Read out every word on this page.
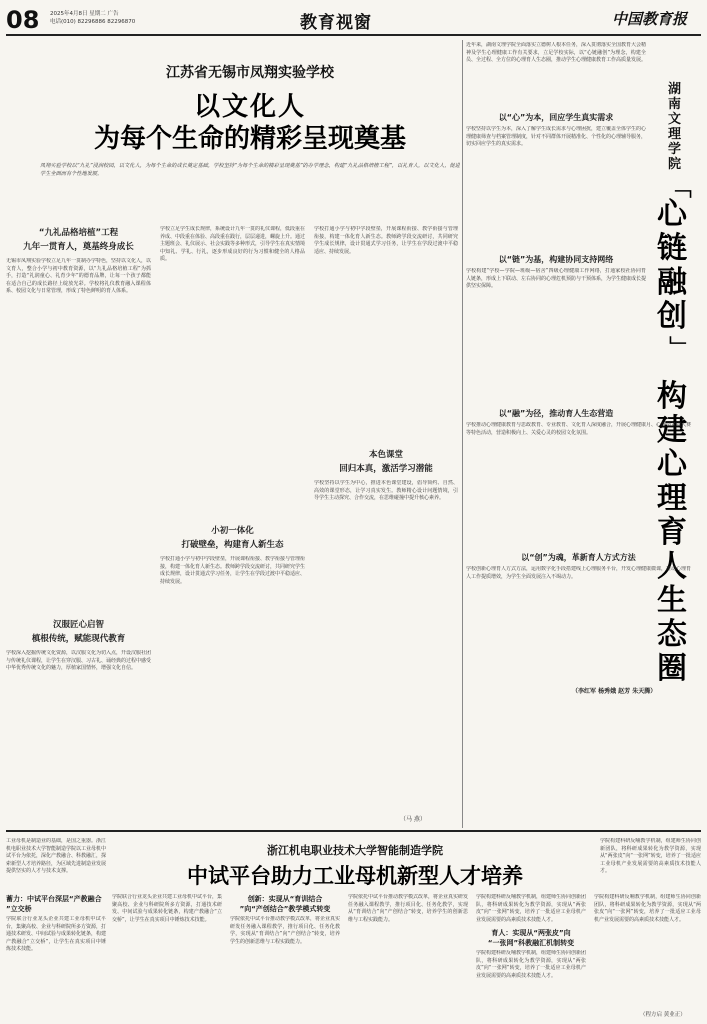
08 2025年4月8日 星期二 广告
电话(010) 82296886 82296870	教育视窗	中国教育报
江苏省无锡市凤翔实验学校
以文化人
为每个生命的精彩呈现奠基
凤翔实验学校以“九礼”浸润校园，以文化人，为每个生命的成长奠定基础，学校坚持“为每个生命的精彩呈现奠基”的办学理念，构建“九礼品格培植工程”，以礼育人，以文化人，促进学生全面而有个性地发展。
“九礼品格培植”工程
九年一贯育人，奠基终身成长
无锡市凤翔实验学校立足九年一贯制办学特色，坚持以文化人，以文育人，整合小学与初中教育资源，以“九礼品格培植工程”为抓手，打造“礼润童心、礼育少年”的德育品牌，让每一个孩子都能在适合自己的成长路径上绽放光彩。学校将礼仪教育融入课程体系、校园文化与日常管理，形成了特色鲜明的育人体系。
汉服匠心启智
槙根传统，赋能现代教育
学校深入挖掘传统文化资源，以汉服文化为切入点，开设汉服社团与传统礼仪课程，让学生在穿汉服、习古礼、诵经典的过程中感受中华优秀传统文化的魅力，厚植家国情怀，增强文化自信。
学校立足学生成长规律，系统设计九年一贯的礼仪课程，低段重在养成、中段重在体验、高段重在践行，层层递进，螺旋上升。通过主题班会、礼仪展示、社会实践等多种形式，引导学生在真实情境中知礼、学礼、行礼，逐步形成良好的行为习惯和健全的人格品质。
小初一体化
打破壁垒，构建育人新生态
学校打通小学与初中学段壁垒，开展课程衔接、教学衔接与管理衔接，构建一体化育人新生态。教师跨学段交流研讨，共同研究学生成长规律，设计贯通式学习任务，让学生在学段过渡中平稳适应、持续发展。
学校打通小学与初中学段壁垒，开展课程衔接、教学衔接与管理衔接，构建一体化育人新生态。教师跨学段交流研讨，共同研究学生成长规律，设计贯通式学习任务，让学生在学段过渡中平稳适应、持续发展。
本色课堂
回归本真，激活学习潜能
学校坚持以学生为中心，推进本色课堂建设，倡导简约、自然、高效的课堂形态，让学习真实发生。教师精心设计问题情境，引导学生主动探究、合作交流，在思维碰撞中提升核心素养。
（马 燕）
近年来，湖南文理学院全面落实立德树人根本任务，深入贯彻落实全国教育大会精神及学生心理健康工作有关要求，立足学校实际，以“心链融创”为理念，构建全员、全过程、全方位的心理育人生态圈，推动学生心理健康教育工作高质量发展。
湖南文理学院
「
心链融创
」
构建心理育人生态圈
以“心”为本，回应学生真实需求
学校坚持以学生为本，深入了解学生成长需求与心理困扰，建立覆盖全体学生的心理健康筛查与档案管理制度，针对不同群体开展精准化、个性化的心理辅导服务，切实回应学生的真实需求。
以“链”为基，构建协同支持网络
学校构建“学校—学院—班级—宿舍”四级心理健康工作网络，打通家校社协同育人链条，形成上下联动、左右协同的心理危机预防与干预体系，为学生健康成长提供坚实保障。
以“融”为径，推动育人生态营造
学校推动心理健康教育与思政教育、专业教育、文化育人深度融合，开展心理健康月、心理情景剧大赛等特色活动，营造积极向上、关爱心灵的校园文化氛围。
以“创”为魂，革新育人方式方法
学校创新心理育人方式方法，运用数字化手段搭建线上心理服务平台，开发心理健康微课，推动心理育人工作提质增效，为学生全面发展注入不竭动力。
（李红军 杨秀娥 赵芳 朱天腾）
工业母机是制造业的基础，是国之重器。浙江机电职业技术大学智能制造学院以工业母机中试平台为依托，深化产教融合、科教融汇，探索新型人才培养路径，为区域先进制造业发展提供坚实的人才与技术支撑。
浙江机电职业技术大学智能制造学院
中试平台助力工业母机新型人才培养
学院构建科研反哺教学机制，组建师生协同创新团队，将科研成果转化为教学资源，实现从“两张皮”向“一张网”转变，培养了一批适应工业母机产业发展需要的高素质技术技能人才。
蓄力：中试平台深层“产教融合
”立交桥
学院联合行业龙头企业共建工业母机中试平台，集聚高校、企业与科研院所多方资源，打通技术研发、中间试验与成果转化链条，构建产教融合“立交桥”，让学生在真实项目中锤炼技术技能。
学院联合行业龙头企业共建工业母机中试平台，集聚高校、企业与科研院所多方资源，打通技术研发、中间试验与成果转化链条，构建产教融合“立交桥”，让学生在真实项目中锤炼技术技能。
创新：实现从“育训结合
”向“产创结合”教学模式转变
学院依托中试平台推动教学模式改革，将企业真实研发任务融入课程教学，推行项目化、任务化教学，实现从“育训结合”向“产创结合”转变，培养学生的创新思维与工程实践能力。
学院依托中试平台推动教学模式改革，将企业真实研发任务融入课程教学，推行项目化、任务化教学，实现从“育训结合”向“产创结合”转变，培养学生的创新思维与工程实践能力。
学院构建科研反哺教学机制，组建师生协同创新团队，将科研成果转化为教学资源，实现从“两张皮”向“一张网”转变，培养了一批适应工业母机产业发展需要的高素质技术技能人才。
育人：实现从“两张皮”向
“一张网”科教融汇机制转变
学院构建科研反哺教学机制，组建师生协同创新团队，将科研成果转化为教学资源，实现从“两张皮”向“一张网”转变，培养了一批适应工业母机产业发展需要的高素质技术技能人才。
学院构建科研反哺教学机制，组建师生协同创新团队，将科研成果转化为教学资源，实现从“两张皮”向“一张网”转变，培养了一批适应工业母机产业发展需要的高素质技术技能人才。
（程方启 黄业正）
